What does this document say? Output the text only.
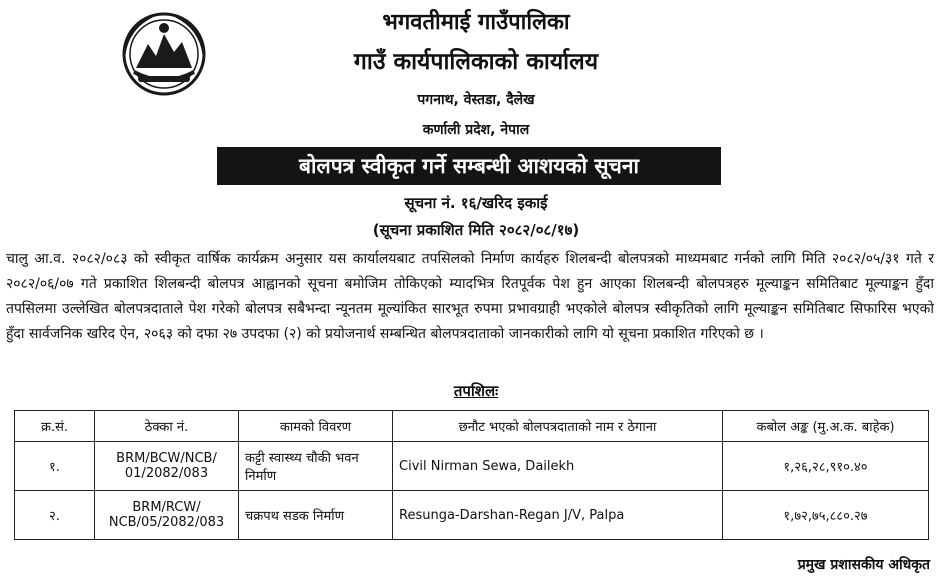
भगवतीमाई गाउँपालिका
गाउँ कार्यपालिकाको कार्यालय
पगनाथ, वेस्तडा, दैलेख
कर्णाली प्रदेश, नेपाल
बोलपत्र स्वीकृत गर्ने सम्बन्धी आशयको सूचना
सूचना नं. १६/खरिद इकाई
(सूचना प्रकाशित मिति २०८२/०८/१७)

चालु आ.व. २०८२/०८३ को स्वीकृत वार्षिक कार्यक्रम अनुसार यस कार्यालयबाट तपसिलको निर्माण कार्यहरु शिलबन्दी बोलपत्रको माध्यमबाट गर्नको लागि मिति २०८२/०५/३१ गते र २०८२/०६/०७ गते प्रकाशित शिलबन्दी बोलपत्र आह्वानको सूचना बमोजिम तोकिएको म्यादभित्र रितपूर्वक पेश हुन आएका शिलबन्दी बोलपत्रहरु मूल्याङ्कन समितिबाट मूल्याङ्कन हुँदा तपसिलमा उल्लेखित बोलपत्रदाताले पेश गरेको बोलपत्र सबैभन्दा न्यूनतम मूल्यांकित सारभूत रुपमा प्रभावग्राही भएकोले बोलपत्र स्वीकृतिको लागि मूल्याङ्कन समितिबाट सिफारिस भएको हुँदा सार्वजनिक खरिद ऐन, २०६३ को दफा २७ उपदफा (२) को प्रयोजनार्थ सम्बन्धित बोलपत्रदाताको जानकारीको लागि यो सूचना प्रकाशित गरिएको छ ।

तपशिलः
क्र.सं.	ठेक्का नं.	कामको विवरण	छनौट भएको बोलपत्रदाताको नाम र ठेगाना	कबोल अङ्क (मु.अ.क. बाहेक)
१.	BRM/BCW/NCB/ 01/2082/083	कट्टी स्वास्थ्य चौकी भवन निर्माण	Civil Nirman Sewa, Dailekh	१,२६,२८,९१०.४०
२.	BRM/RCW/ NCB/05/2082/083	चक्रपथ सडक निर्माण	Resunga-Darshan-Regan J/V, Palpa	१,७२,७५,८८०.२७
प्रमुख प्रशासकीय अधिकृत
